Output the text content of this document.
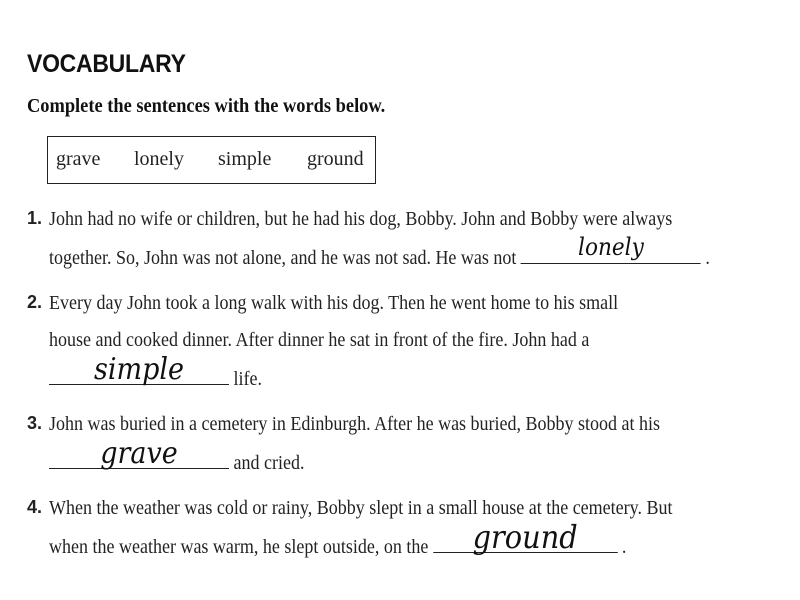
VOCABULARY
Complete the sentences with the words below.
grave lonely simple ground
1. John had no wife or children, but he had his dog, Bobby. John and Bobby were always
together. So, John was not alone, and he was not sad. He was not	lonely	.
2. Every day John took a long walk with his dog. Then he went home to his small
house and cooked dinner. After dinner he sat in front of the fire. John had a
simple	life.
3. John was buried in a cemetery in Edinburgh. After he was buried, Bobby stood at his
grave	and cried.
4. When the weather was cold or rainy, Bobby slept in a small house at the cemetery. But
when the weather was warm, he slept outside, on the	ground	.
